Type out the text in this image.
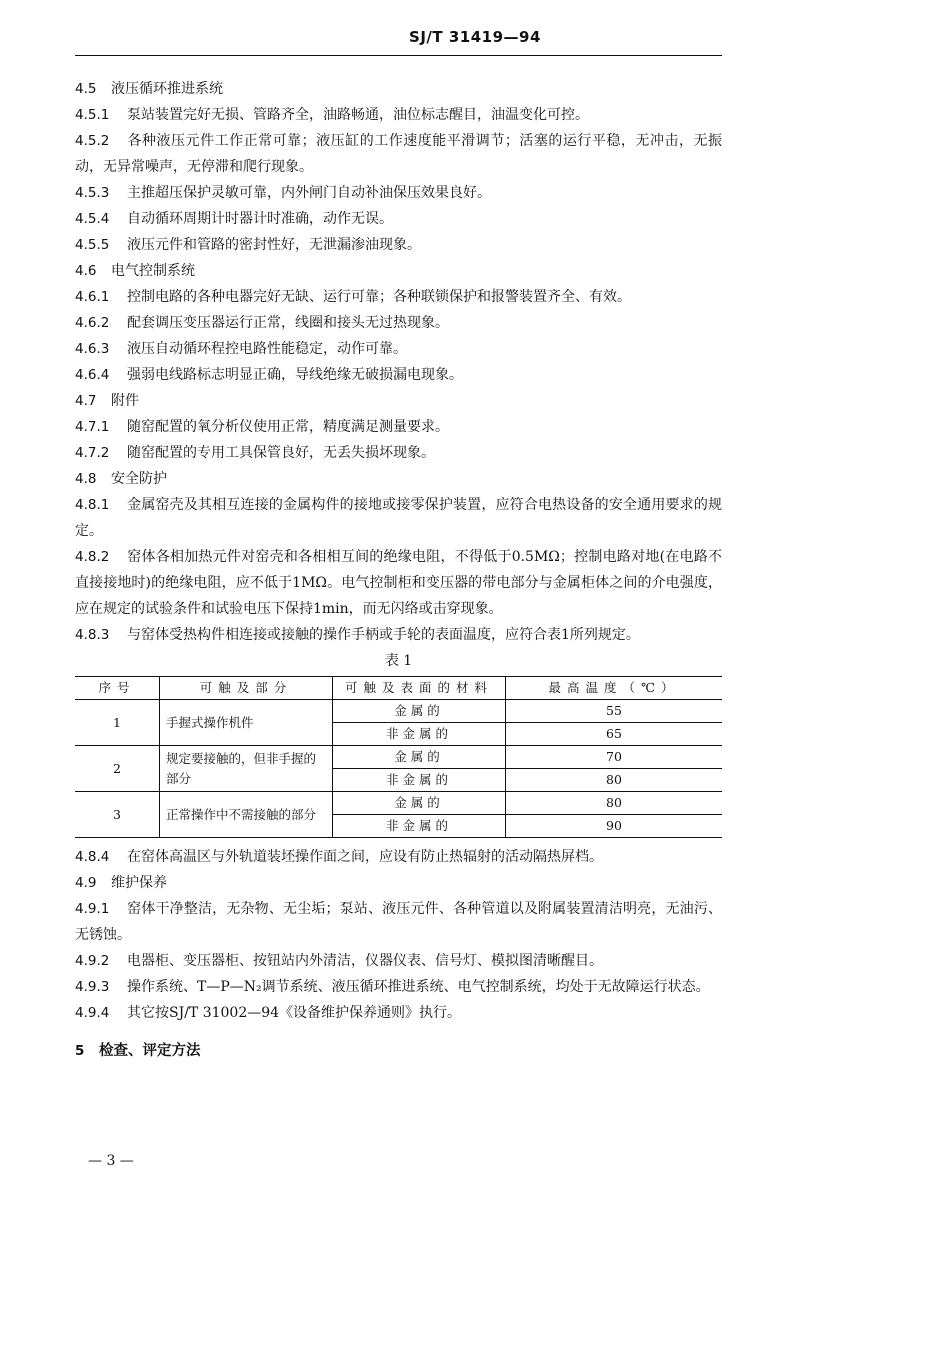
SJ/T 31419—94

4.5 液压循环推进系统

4.5.1 泵站装置完好无损、管路齐全，油路畅通，油位标志醒目，油温变化可控。

4.5.2 各种液压元件工作正常可靠；液压缸的工作速度能平滑调节；活塞的运行平稳，无冲击，无振动，无异常噪声，无停滞和爬行现象。

4.5.3 主推超压保护灵敏可靠，内外闸门自动补油保压效果良好。

4.5.4 自动循环周期计时器计时准确，动作无误。

4.5.5 液压元件和管路的密封性好，无泄漏渗油现象。

4.6 电气控制系统

4.6.1 控制电路的各种电器完好无缺、运行可靠；各种联锁保护和报警装置齐全、有效。

4.6.2 配套调压变压器运行正常，线圈和接头无过热现象。

4.6.3 液压自动循环程控电路性能稳定，动作可靠。

4.6.4 强弱电线路标志明显正确，导线绝缘无破损漏电现象。

4.7 附件

4.7.1 随窑配置的氧分析仪使用正常，精度满足测量要求。

4.7.2 随窑配置的专用工具保管良好，无丢失损坏现象。

4.8 安全防护

4.8.1 金属窑壳及其相互连接的金属构件的接地或接零保护装置，应符合电热设备的安全通用要求的规定。

4.8.2 窑体各相加热元件对窑壳和各相相互间的绝缘电阻，不得低于0.5MΩ；控制电路对地(在电路不直接接地时)的绝缘电阻，应不低于1MΩ。电气控制柜和变压器的带电部分与金属柜体之间的介电强度，应在规定的试验条件和试验电压下保持1min，而无闪络或击穿现象。

4.8.3 与窑体受热构件相连接或接触的操作手柄或手轮的表面温度，应符合表1所列规定。

表 1

序号	可触及部分	可触及表面的材料	最高温度（℃）
1	手握式操作机件	金属的	55
		非金属的	65
2	规定要接触的，但非手握的部分	金属的	70
		非金属的	80
3	正常操作中不需接触的部分	金属的	80
		非金属的	90

4.8.4 在窑体高温区与外轨道装坯操作面之间，应设有防止热辐射的活动隔热屏档。

4.9 维护保养

4.9.1 窑体干净整洁，无杂物、无尘垢；泵站、液压元件、各种管道以及附属装置清洁明亮，无油污、无锈蚀。

4.9.2 电器柜、变压器柜、按钮站内外清洁，仪器仪表、信号灯、模拟图清晰醒目。

4.9.3 操作系统、T—P—N₂调节系统、液压循环推进系统、电气控制系统，均处于无故障运行状态。

4.9.4 其它按SJ/T 31002—94《设备维护保养通则》执行。

5 检查、评定方法

— 3 —
